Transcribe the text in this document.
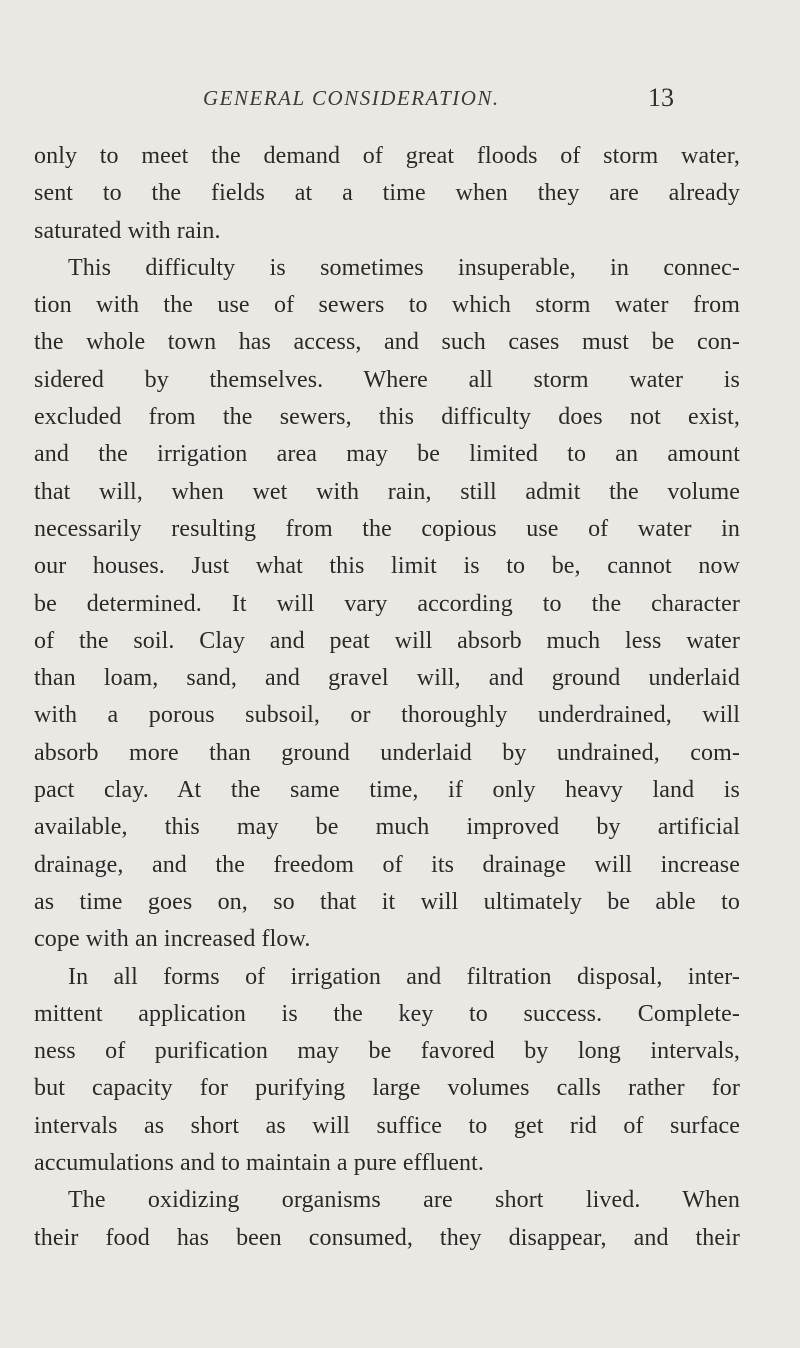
GENERAL CONSIDERATION.	13
only to meet the demand of great floods of storm water,
sent to the fields at a time when they are already
saturated with rain.
This difficulty is sometimes insuperable, in connec-
tion with the use of sewers to which storm water from
the whole town has access, and such cases must be con-
sidered by themselves. Where all storm water is
excluded from the sewers, this difficulty does not exist,
and the irrigation area may be limited to an amount
that will, when wet with rain, still admit the volume
necessarily resulting from the copious use of water in
our houses. Just what this limit is to be, cannot now
be determined. It will vary according to the character
of the soil. Clay and peat will absorb much less water
than loam, sand, and gravel will, and ground underlaid
with a porous subsoil, or thoroughly underdrained, will
absorb more than ground underlaid by undrained, com-
pact clay. At the same time, if only heavy land is
available, this may be much improved by artificial
drainage, and the freedom of its drainage will increase
as time goes on, so that it will ultimately be able to
cope with an increased flow.
In all forms of irrigation and filtration disposal, inter-
mittent application is the key to success. Complete-
ness of purification may be favored by long intervals,
but capacity for purifying large volumes calls rather for
intervals as short as will suffice to get rid of surface
accumulations and to maintain a pure effluent.
The oxidizing organisms are short lived. When
their food has been consumed, they disappear, and their
